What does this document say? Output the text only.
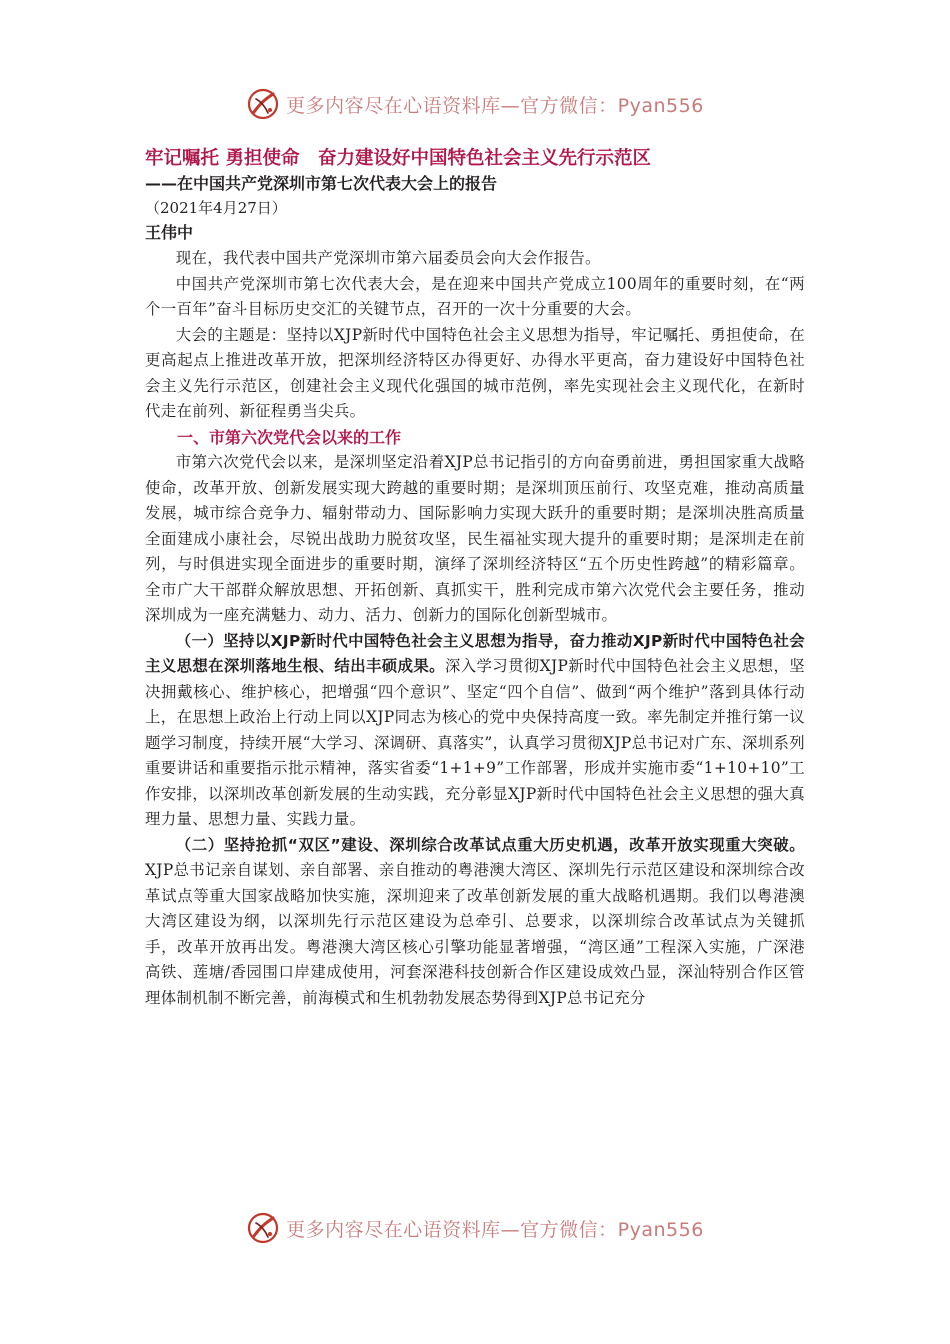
更多内容尽在心语资料库—官方微信：Pyan556
牢记嘱托 勇担使命　奋力建设好中国特色社会主义先行示范区
——在中国共产党深圳市第七次代表大会上的报告
（2021年4月27日）
王伟中

现在，我代表中国共产党深圳市第六届委员会向大会作报告。

中国共产党深圳市第七次代表大会，是在迎来中国共产党成立100周年的重要时刻，在“两个一百年”奋斗目标历史交汇的关键节点，召开的一次十分重要的大会。

大会的主题是：坚持以XJP新时代中国特色社会主义思想为指导，牢记嘱托、勇担使命，在更高起点上推进改革开放，把深圳经济特区办得更好、办得水平更高，奋力建设好中国特色社会主义先行示范区，创建社会主义现代化强国的城市范例，率先实现社会主义现代化，在新时代走在前列、新征程勇当尖兵。

一、市第六次党代会以来的工作

市第六次党代会以来，是深圳坚定沿着XJP总书记指引的方向奋勇前进，勇担国家重大战略使命，改革开放、创新发展实现大跨越的重要时期；是深圳顶压前行、攻坚克难，推动高质量发展，城市综合竞争力、辐射带动力、国际影响力实现大跃升的重要时期；是深圳决胜高质量全面建成小康社会，尽锐出战助力脱贫攻坚，民生福祉实现大提升的重要时期；是深圳走在前列，与时俱进实现全面进步的重要时期，演绎了深圳经济特区“五个历史性跨越”的精彩篇章。全市广大干部群众解放思想、开拓创新、真抓实干，胜利完成市第六次党代会主要任务，推动深圳成为一座充满魅力、动力、活力、创新力的国际化创新型城市。

（一）坚持以XJP新时代中国特色社会主义思想为指导，奋力推动XJP新时代中国特色社会主义思想在深圳落地生根、结出丰硕成果。深入学习贯彻XJP新时代中国特色社会主义思想，坚决拥戴核心、维护核心，把增强“四个意识”、坚定“四个自信”、做到“两个维护”落到具体行动上，在思想上政治上行动上同以XJP同志为核心的党中央保持高度一致。率先制定并推行第一议题学习制度，持续开展“大学习、深调研、真落实”，认真学习贯彻XJP总书记对广东、深圳系列重要讲话和重要指示批示精神，落实省委“1+1+9”工作部署，形成并实施市委“1+10+10”工作安排，以深圳改革创新发展的生动实践，充分彰显XJP新时代中国特色社会主义思想的强大真理力量、思想力量、实践力量。

（二）坚持抢抓“双区”建设、深圳综合改革试点重大历史机遇，改革开放实现重大突破。XJP总书记亲自谋划、亲自部署、亲自推动的粤港澳大湾区、深圳先行示范区建设和深圳综合改革试点等重大国家战略加快实施，深圳迎来了改革创新发展的重大战略机遇期。我们以粤港澳大湾区建设为纲，以深圳先行示范区建设为总牵引、总要求，以深圳综合改革试点为关键抓手，改革开放再出发。粤港澳大湾区核心引擎功能显著增强，“湾区通”工程深入实施，广深港高铁、莲塘/香园围口岸建成使用，河套深港科技创新合作区建设成效凸显，深汕特别合作区管理体制机制不断完善，前海模式和生机勃勃发展态势得到XJP总书记充分

更多内容尽在心语资料库—官方微信：Pyan556
